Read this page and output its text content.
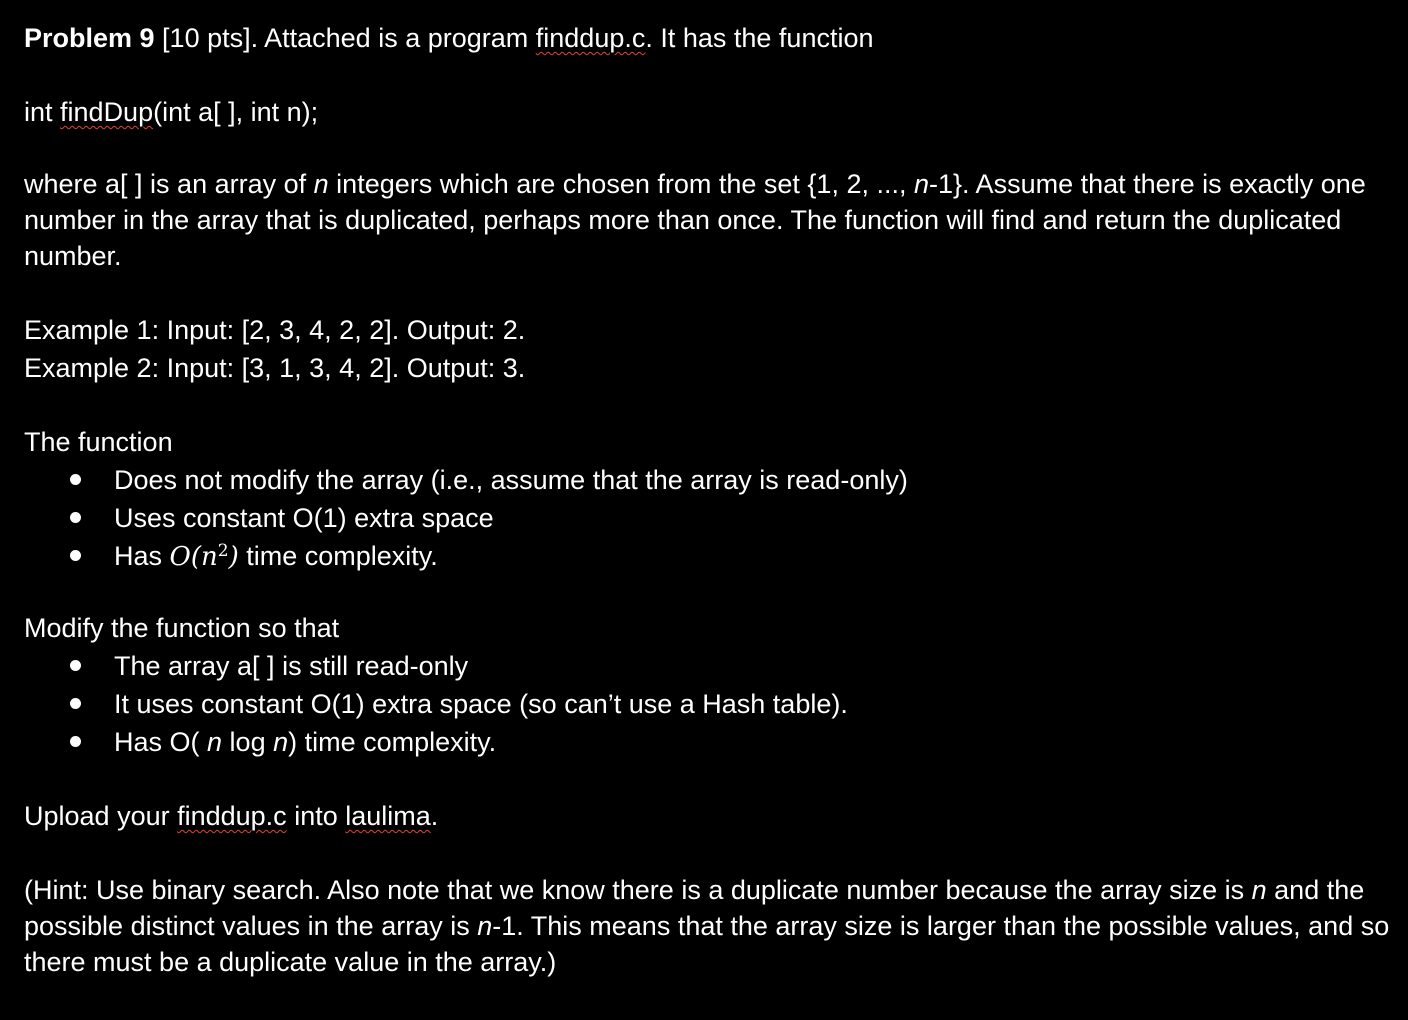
Problem 9 [10 pts]. Attached is a program finddup.c. It has the function

int findDup(int a[ ], int n);

where a[ ] is an array of n integers which are chosen from the set {1, 2, ..., n-1}. Assume that there is exactly one number in the array that is duplicated, perhaps more than once. The function will find and return the duplicated number.

Example 1: Input: [2, 3, 4, 2, 2]. Output: 2.

Example 2: Input: [3, 1, 3, 4, 2]. Output: 3.

The function

Does not modify the array (i.e., assume that the array is read-only)
Uses constant O(1) extra space
Has $O(n^2)$ time complexity.

Modify the function so that

The array a[ ] is still read-only
It uses constant O(1) extra space (so can’t use a Hash table).
Has O( n log n) time complexity.

Upload your finddup.c into laulima.

(Hint: Use binary search. Also note that we know there is a duplicate number because the array size is n and the possible distinct values in the array is n-1. This means that the array size is larger than the possible values, and so there must be a duplicate value in the array.)
